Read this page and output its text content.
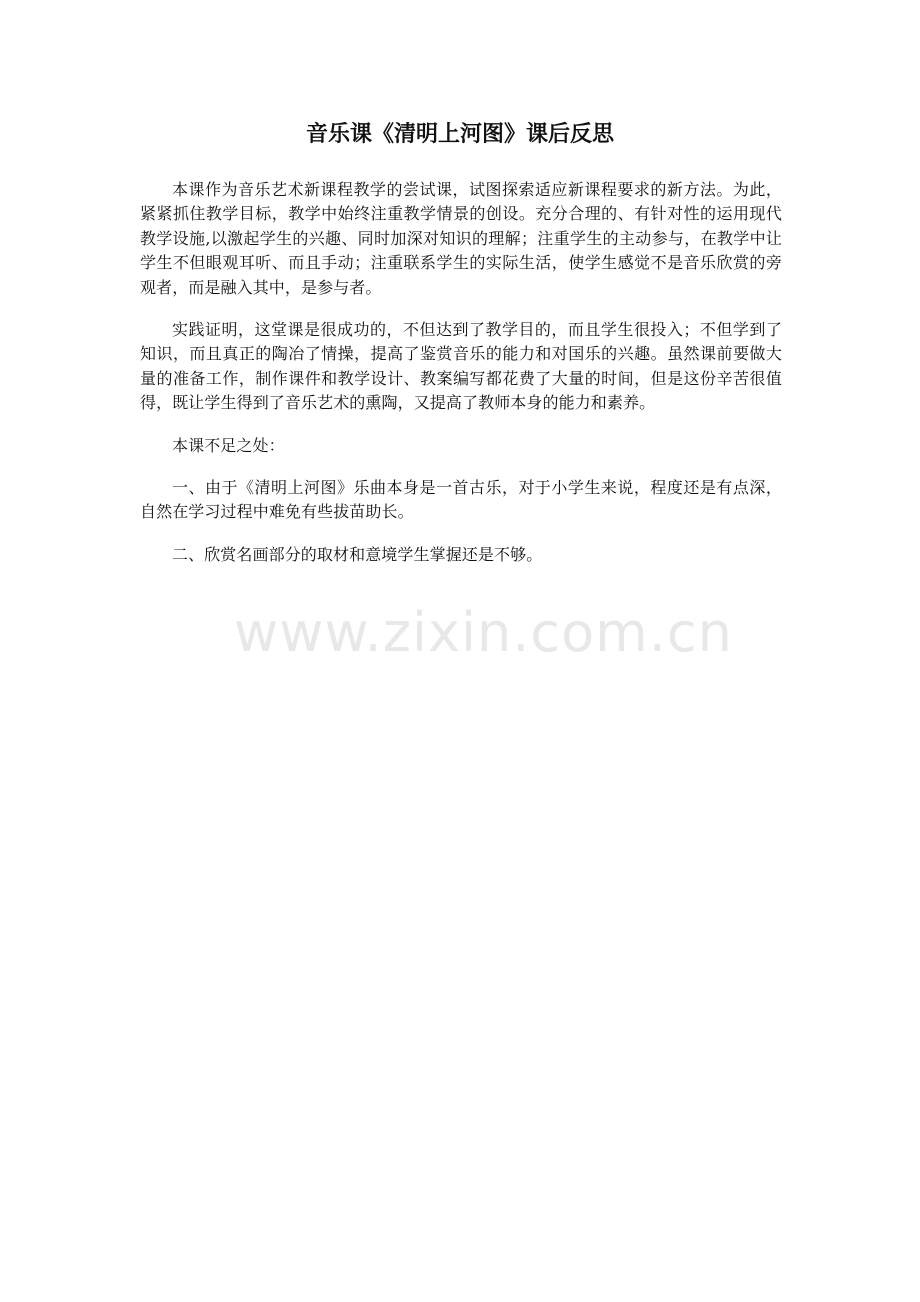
音乐课《清明上河图》课后反思

本课作为音乐艺术新课程教学的尝试课，试图探索适应新课程要求的新方法。为此，紧紧抓住教学目标，教学中始终注重教学情景的创设。充分合理的、有针对性的运用现代教学设施,以激起学生的兴趣、同时加深对知识的理解；注重学生的主动参与，在教学中让学生不但眼观耳听、而且手动；注重联系学生的实际生活，使学生感觉不是音乐欣赏的旁观者，而是融入其中，是参与者。

实践证明，这堂课是很成功的，不但达到了教学目的，而且学生很投入；不但学到了知识，而且真正的陶冶了情操，提高了鉴赏音乐的能力和对国乐的兴趣。虽然课前要做大量的准备工作，制作课件和教学设计、教案编写都花费了大量的时间，但是这份辛苦很值得，既让学生得到了音乐艺术的熏陶，又提高了教师本身的能力和素养。

本课不足之处：

一、由于《清明上河图》乐曲本身是一首古乐，对于小学生来说，程度还是有点深，自然在学习过程中难免有些拔苗助长。

二、欣赏名画部分的取材和意境学生掌握还是不够。

www.zixin.com.cn
